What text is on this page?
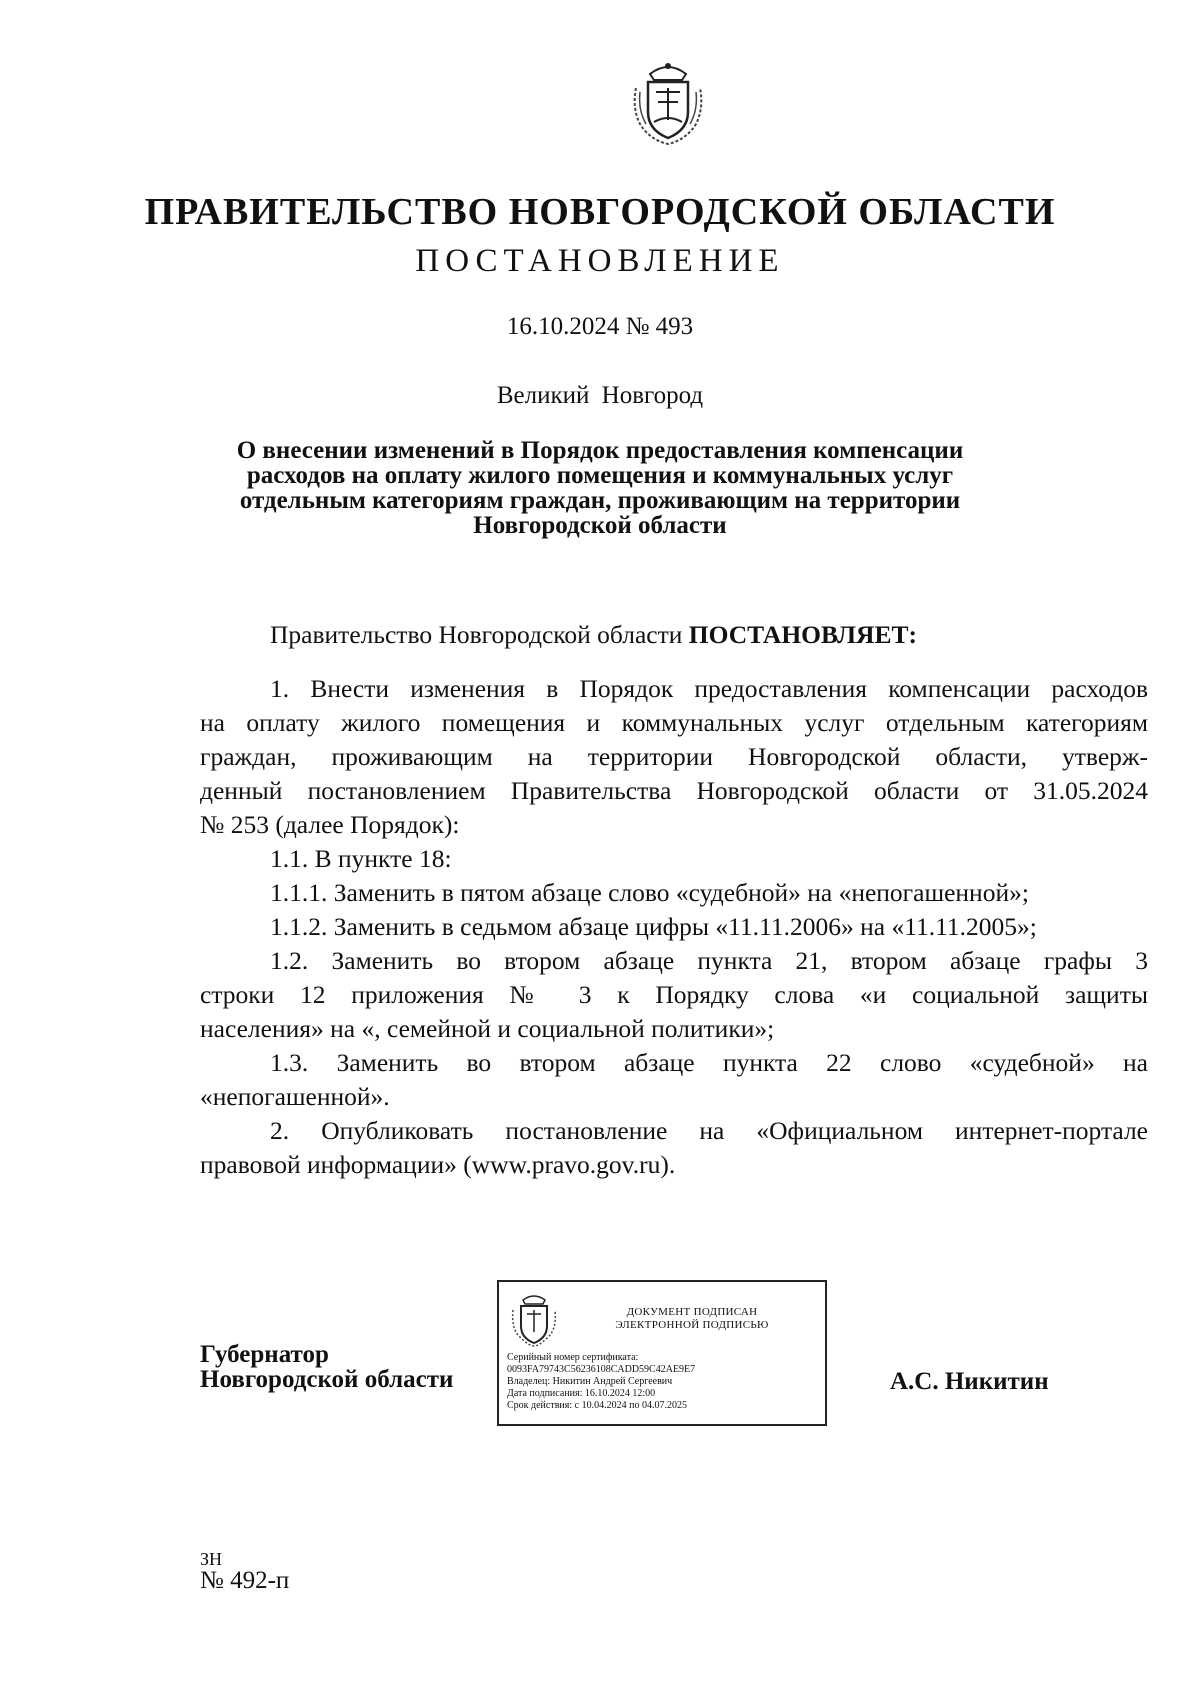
ПРАВИТЕЛЬСТВО НОВГОРОДСКОЙ ОБЛАСТИ
ПОСТАНОВЛЕНИЕ
16.10.2024 № 493
Великий Новгород
О внесении изменений в Порядок предоставления компенсации
расходов на оплату жилого помещения и коммунальных услуг
отдельным категориям граждан, проживающим на территории
Новгородской области
Правительство Новгородской области ПОСТАНОВЛЯЕТ:
1. Внести изменения в Порядок предоставления компенсации расходов
на оплату жилого помещения и коммунальных услуг отдельным категориям
граждан, проживающим на территории Новгородской области, утверж-
денный постановлением Правительства Новгородской области от 31.05.2024
№ 253 (далее Порядок):
1.1. В пункте 18:
1.1.1. Заменить в пятом абзаце слово «судебной» на «непогашенной»;
1.1.2. Заменить в седьмом абзаце цифры «11.11.2006» на «11.11.2005»;
1.2. Заменить во втором абзаце пункта 21, втором абзаце графы 3
строки 12 приложения № 3 к Порядку слова «и социальной защиты
населения» на «, семейной и социальной политики»;
1.3. Заменить во втором абзаце пункта 22 слово «судебной» на
«непогашенной».
2. Опубликовать постановление на «Официальном интернет-портале
правовой информации» (www.pravo.gov.ru).
Губернатор
Новгородской области
ДОКУМЕНТ ПОДПИСАН
ЭЛЕКТРОННОЙ ПОДПИСЬЮ
Серийный номер сертификата:
0093FA79743C56236108CADD59C42AE9E7
Владелец: Никитин Андрей Сергеевич
Дата подписания: 16.10.2024 12:00
Срок действия: с 10.04.2024 по 04.07.2025
А.С. Никитин
ЗН
№ 492-п
